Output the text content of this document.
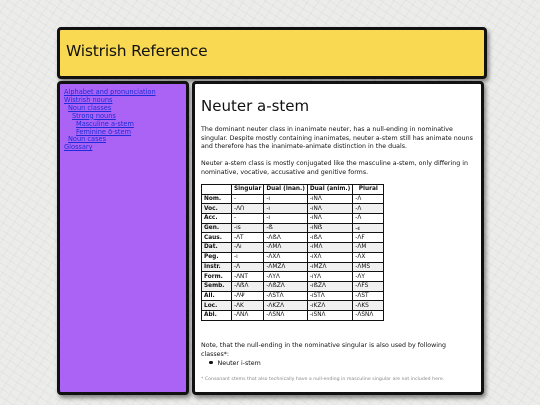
Wistrish Reference
Alphabet and pronunciation
Wistrish nouns
Noun classes
Strong nouns
Masculine a-stem
Feminine ō-stem
Noun cases
Glossary
Neuter a-stem

The dominant neuter class in inanimate neuter, has a null-ending in nominative singular. Despite mostly containing inanimates, neuter a-stem still has animate nouns and therefore has the inanimate-animate distinction in the duals.

Neuter a-stem class is mostly conjugated like the masculine a-stem, only differing in nominative, vocative, accusative and genitive forms.

	Singular	Dual (inan.)	Dual (anim.)	Plural
Nom.	-	-ı	-ıΝΛ	-Λ
Voc.	-ΛՈ	-ı	-ıΝΛ	-Λ
Acc.	-	-ı	-ıΝΛ	-Λ
Gen.	-ıs	-ẞ	-ıΝẞ	-ꞓ
Caus.	-ΛΤ	-ΛẞΛ	-ıẞΛ	-ΛϜ
Dat.	-Λı	-ΛΜΛ	-ıΜΛ	-ΛΜ
Peg.	-ı	-ΛΧΛ	-ıΧΛ	-ΛΧ
Instr.	-Λ	-ΛΜΖΛ	-ıΜΖΛ	-ΛΜS
Form.	-ΛΝΤ	-ΛΥΛ	-ıΥΛ	-ΛΥ
Semb.	-ΛẞΛ	-ΛẞΖΛ	-ıẞΖΛ	-ΛϜS
All.	-ΛΨ	-ΛSΤΛ	-ıSΤΛ	-ΛSΤ
Loc.	-ΛΚ	-ΛΚΖΛ	-ıΚΖΛ	-ΛΚS
Abl.	-ΛΝΛ	-ΛSΝΛ	-ıSΝΛ	-ΛSΝΛ

Note, that the null-ending in the nominative singular is also used by following classes*:

Neuter i-stem
* Consonant stems that also technically have a null-ending in masculine singular are not included here.
